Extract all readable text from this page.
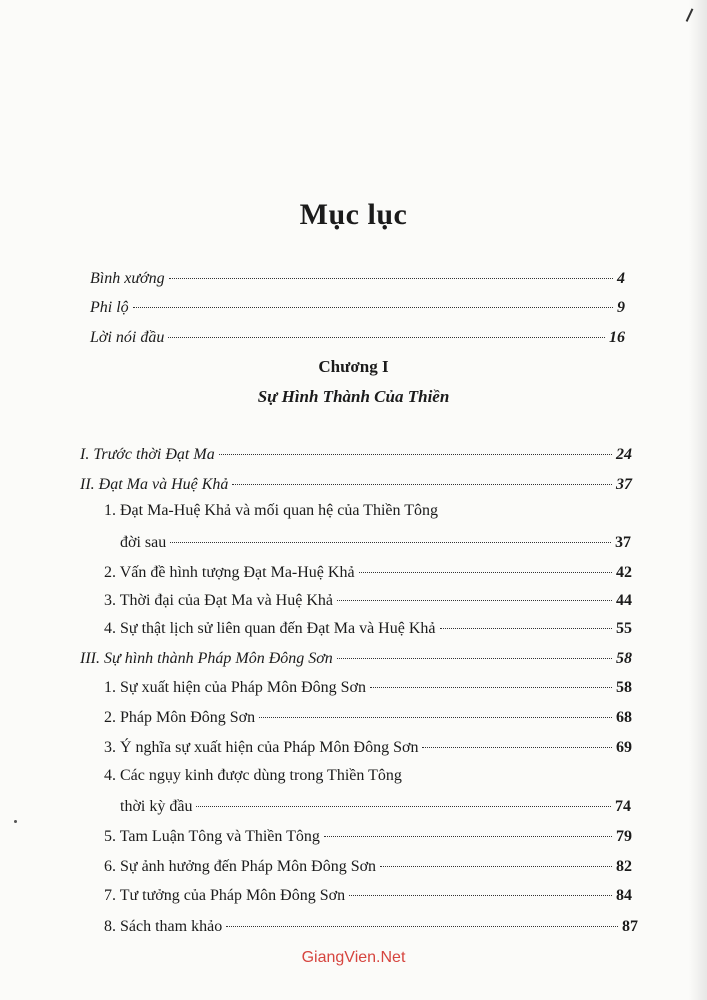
Mục lục
Bình xướng	4
Phi lộ	9
Lời nói đầu	16
Chương I
Sự Hình Thành Của Thiền
I. Trước thời Đạt Ma	24
II. Đạt Ma và Huệ Khả	37
1. Đạt Ma-Huệ Khả và mối quan hệ của Thiền Tông
đời sau	37
2. Vấn đề hình tượng Đạt Ma-Huệ Khả	42
3. Thời đại của Đạt Ma và Huệ Khả	44
4. Sự thật lịch sử liên quan đến Đạt Ma và Huệ Khả	55
III. Sự hình thành Pháp Môn Đông Sơn	58
1. Sự xuất hiện của Pháp Môn Đông Sơn	58
2. Pháp Môn Đông Sơn	68
3. Ý nghĩa sự xuất hiện của Pháp Môn Đông Sơn	69
4. Các ngụy kinh được dùng trong Thiền Tông
thời kỳ đầu	74
5. Tam Luận Tông và Thiền Tông	79
6. Sự ảnh hưởng đến Pháp Môn Đông Sơn	82
7. Tư tưởng của Pháp Môn Đông Sơn	84
8. Sách tham khảo	87
GiangVien.Net
